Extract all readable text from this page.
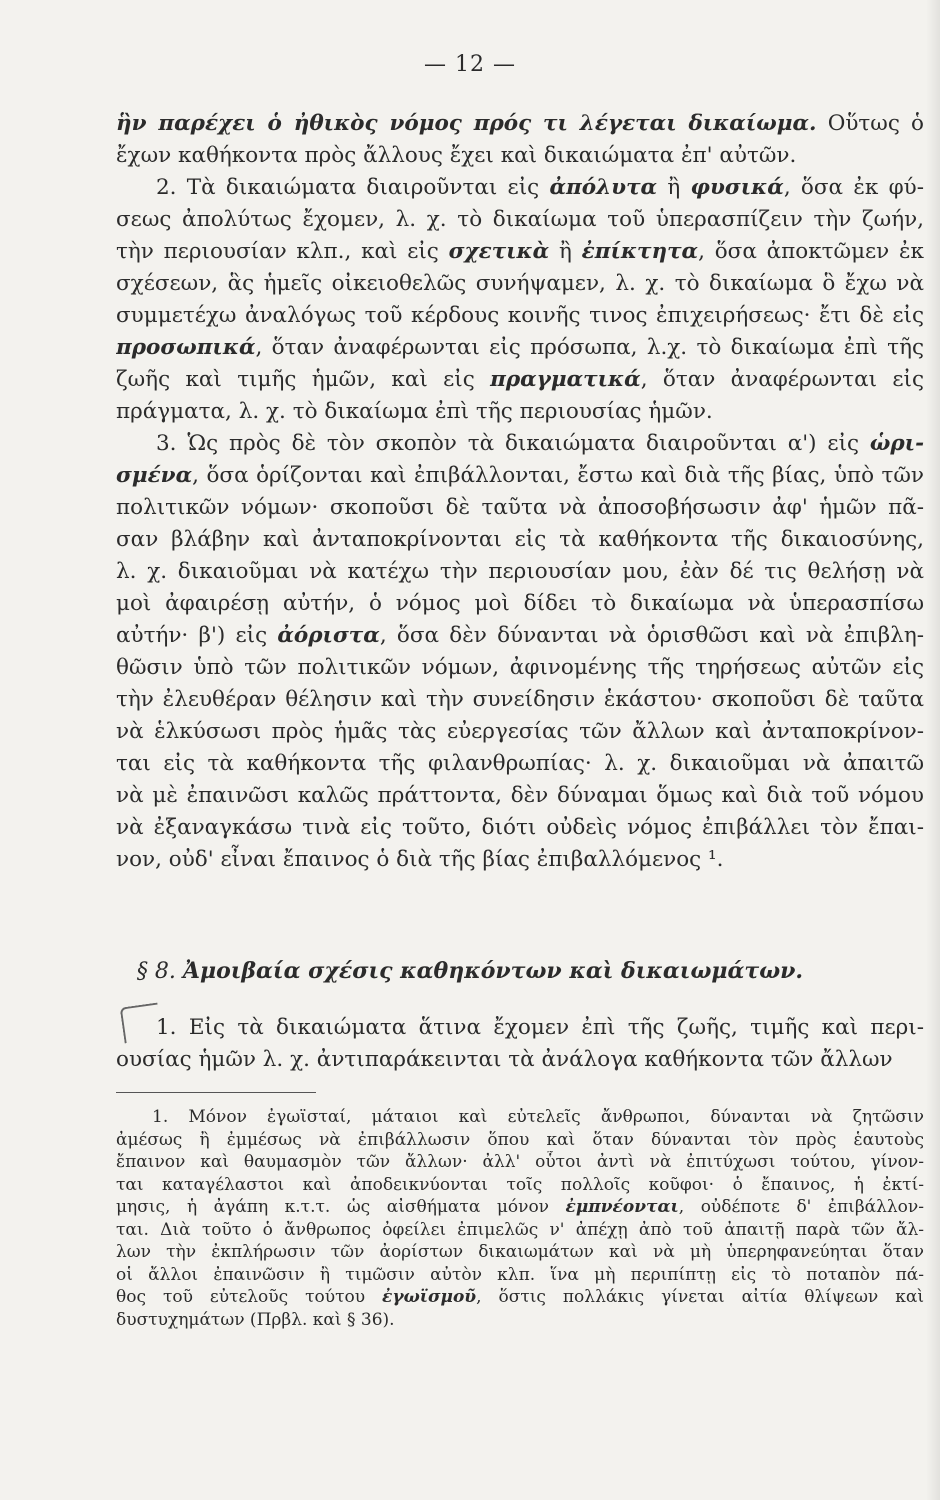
— 12 —
ἣν παρέχει ὁ ἠθικὸς νόμος πρός τι λέγεται δικαίωμα. Οὕτως ὁ
ἔχων καθήκοντα πρὸς ἄλλους ἔχει καὶ δικαιώματα ἐπ' αὐτῶν.
2. Τὰ δικαιώματα διαιροῦνται εἰς ἀπόλυτα ἢ φυσικά, ὅσα ἐκ φύ-
σεως ἀπολύτως ἔχομεν, λ. χ. τὸ δικαίωμα τοῦ ὑπερασπίζειν τὴν ζωήν,
τὴν περιουσίαν κλπ., καὶ εἰς σχετικὰ ἢ ἐπίκτητα, ὅσα ἀποκτῶμεν ἐκ
σχέσεων, ἃς ἡμεῖς οἰκειοθελῶς συνήψαμεν, λ. χ. τὸ δικαίωμα ὃ ἔχω νὰ
συμμετέχω ἀναλόγως τοῦ κέρδους κοινῆς τινος ἐπιχειρήσεως· ἔτι δὲ εἰς
προσωπικά, ὅταν ἀναφέρωνται εἰς πρόσωπα, λ.χ. τὸ δικαίωμα ἐπὶ τῆς
ζωῆς καὶ τιμῆς ἡμῶν, καὶ εἰς πραγματικά, ὅταν ἀναφέρωνται εἰς
πράγματα, λ. χ. τὸ δικαίωμα ἐπὶ τῆς περιουσίας ἡμῶν.
3. Ὡς πρὸς δὲ τὸν σκοπὸν τὰ δικαιώματα διαιροῦνται α') εἰς ὡρι-
σμένα, ὅσα ὁρίζονται καὶ ἐπιβάλλονται, ἔστω καὶ διὰ τῆς βίας, ὑπὸ τῶν
πολιτικῶν νόμων· σκοποῦσι δὲ ταῦτα νὰ ἀποσοβήσωσιν ἀφ' ἡμῶν πᾶ-
σαν βλάβην καὶ ἀνταποκρίνονται εἰς τὰ καθήκοντα τῆς δικαιοσύνης,
λ. χ. δικαιοῦμαι νὰ κατέχω τὴν περιουσίαν μου, ἐὰν δέ τις θελήσῃ νὰ
μοὶ ἀφαιρέσῃ αὐτήν, ὁ νόμος μοὶ δίδει τὸ δικαίωμα νὰ ὑπερασπίσω
αὐτήν· β') εἰς ἀόριστα, ὅσα δὲν δύνανται νὰ ὁρισθῶσι καὶ νὰ ἐπιβλη-
θῶσιν ὑπὸ τῶν πολιτικῶν νόμων, ἀφινομένης τῆς τηρήσεως αὐτῶν εἰς
τὴν ἐλευθέραν θέλησιν καὶ τὴν συνείδησιν ἑκάστου· σκοποῦσι δὲ ταῦτα
νὰ ἑλκύσωσι πρὸς ἡμᾶς τὰς εὐεργεσίας τῶν ἄλλων καὶ ἀνταποκρίνον-
ται εἰς τὰ καθήκοντα τῆς φιλανθρωπίας· λ. χ. δικαιοῦμαι νὰ ἀπαιτῶ
νὰ μὲ ἐπαινῶσι καλῶς πράττοντα, δὲν δύναμαι ὅμως καὶ διὰ τοῦ νόμου
νὰ ἐξαναγκάσω τινὰ εἰς τοῦτο, διότι οὐδεὶς νόμος ἐπιβάλλει τὸν ἔπαι-
νον, οὐδ' εἶναι ἔπαινος ὁ διὰ τῆς βίας ἐπιβαλλόμενος ¹.
§ 8. Ἀμοιβαία σχέσις καθηκόντων καὶ δικαιωμάτων.
1. Εἰς τὰ δικαιώματα ἅτινα ἔχομεν ἐπὶ τῆς ζωῆς, τιμῆς καὶ περι-
ουσίας ἡμῶν λ. χ. ἀντιπαράκεινται τὰ ἀνάλογα καθήκοντα τῶν ἄλλων
1. Μόνον ἐγωϊσταί, μάταιοι καὶ εὐτελεῖς ἄνθρωποι, δύνανται νὰ ζητῶσιν
ἀμέσως ἢ ἐμμέσως νὰ ἐπιβάλλωσιν ὅπου καὶ ὅταν δύνανται τὸν πρὸς ἑαυτοὺς
ἔπαινον καὶ θαυμασμὸν τῶν ἄλλων· ἀλλ' οὗτοι ἀντὶ νὰ ἐπιτύχωσι τούτου, γίνον-
ται καταγέλαστοι καὶ ἀποδεικνύονται τοῖς πολλοῖς κοῦφοι· ὁ ἔπαινος, ἡ ἐκτί-
μησις, ἡ ἀγάπη κ.τ.τ. ὡς αἰσθήματα μόνον ἐμπνέονται, οὐδέποτε δ' ἐπιβάλλον-
ται. Διὰ τοῦτο ὁ ἄνθρωπος ὀφείλει ἐπιμελῶς ν' ἀπέχῃ ἀπὸ τοῦ ἀπαιτῇ παρὰ τῶν ἄλ-
λων τὴν ἐκπλήρωσιν τῶν ἀορίστων δικαιωμάτων καὶ νὰ μὴ ὑπερηφανεύηται ὅταν
οἱ ἄλλοι ἐπαινῶσιν ἢ τιμῶσιν αὐτὸν κλπ. ἵνα μὴ περιπίπτῃ εἰς τὸ ποταπὸν πά-
θος τοῦ εὐτελοῦς τούτου ἐγωϊσμοῦ, ὅστις πολλάκις γίνεται αἰτία θλίψεων καὶ
δυστυχημάτων (Πρβλ. καὶ § 36).
